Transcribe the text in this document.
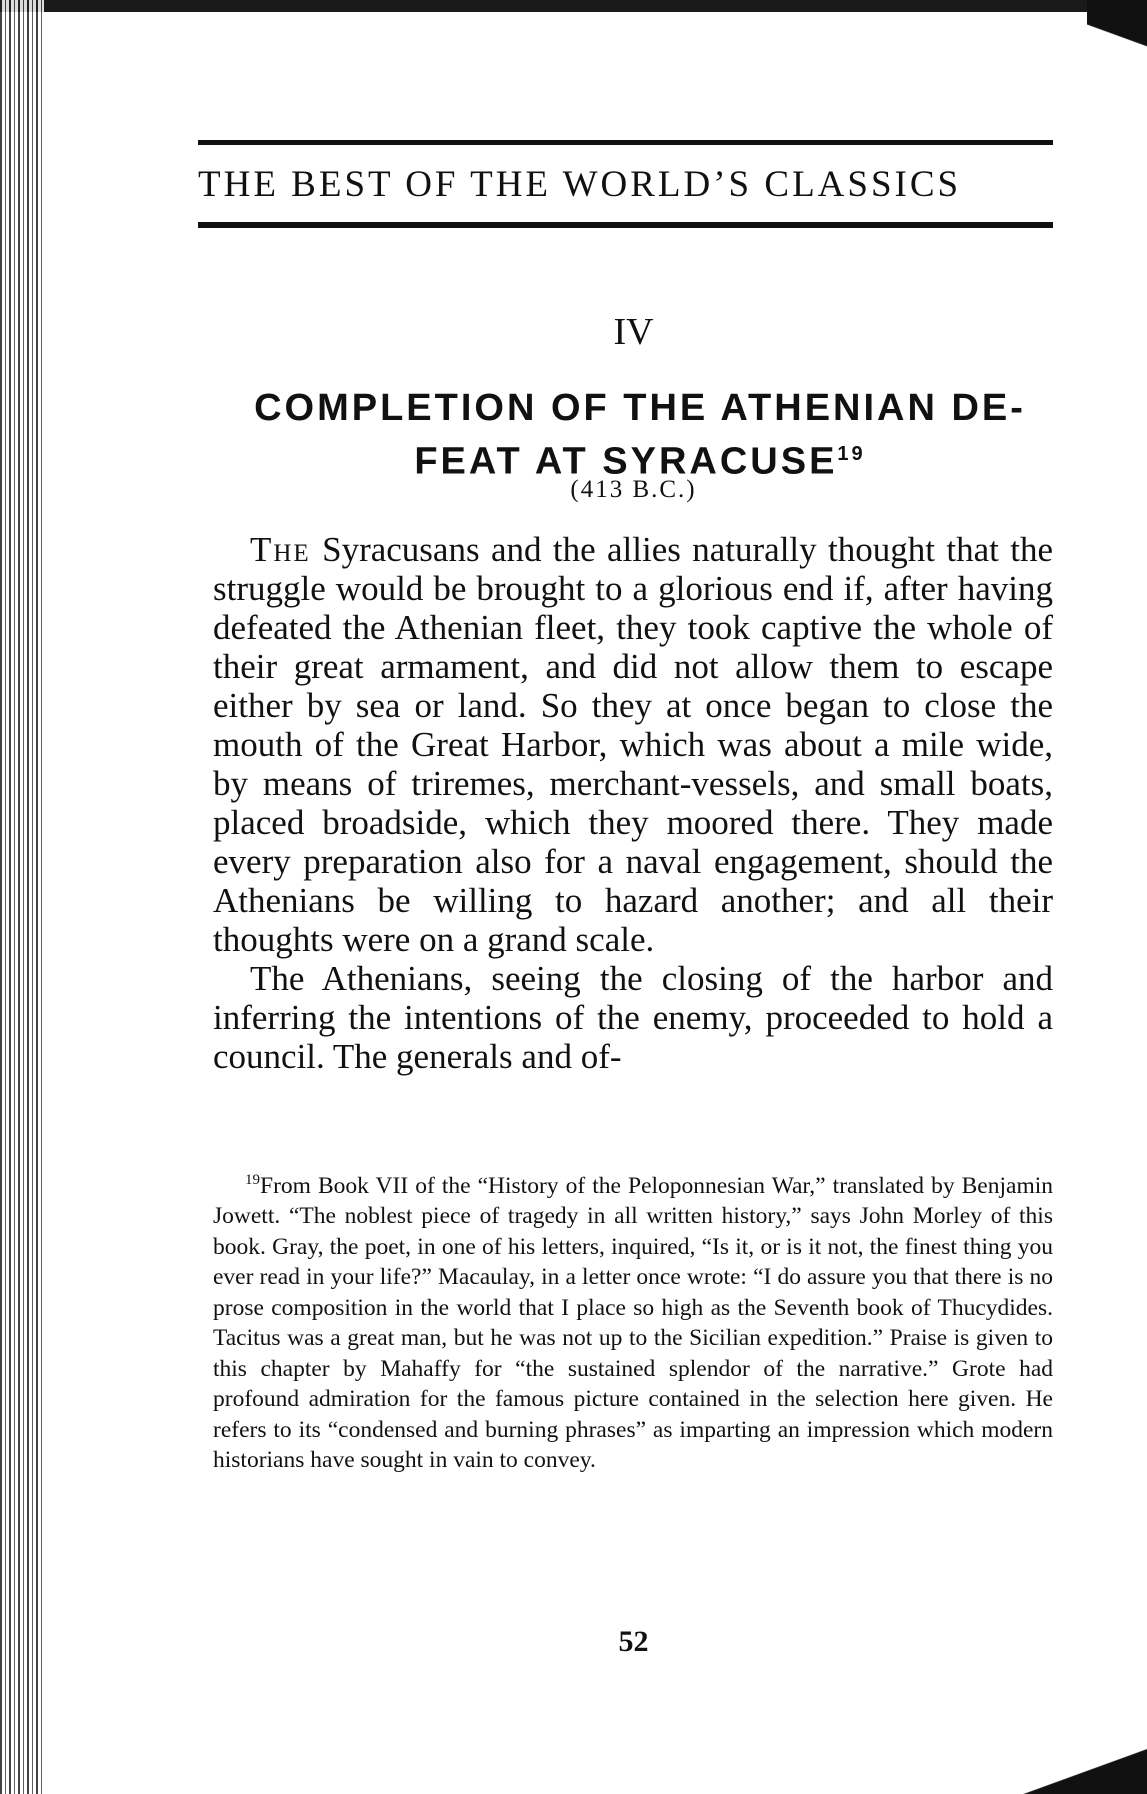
THE BEST OF THE WORLD’S CLASSICS
IV
COMPLETION OF THE ATHENIAN DE-FEAT AT SYRACUSE$^{19}$
(413 B.C.)

The Syracusans and the allies naturally thought that the struggle would be brought to a glorious end if, after having defeated the Athenian fleet, they took captive the whole of their great armament, and did not allow them to escape either by sea or land. So they at once began to close the mouth of the Great Harbor, which was about a mile wide, by means of triremes, merchant-vessels, and small boats, placed broadside, which they moored there. They made every preparation also for a naval engagement, should the Athenians be willing to hazard another; and all their thoughts were on a grand scale.

The Athenians, seeing the closing of the harbor and inferring the intentions of the enemy, proceeded to hold a council. The generals and of-

$^{19}$From Book VII of the “History of the Peloponnesian War,” translated by Benjamin Jowett. “The noblest piece of tragedy in all written history,” says John Morley of this book. Gray, the poet, in one of his letters, inquired, “Is it, or is it not, the finest thing you ever read in your life?” Macaulay, in a letter once wrote: “I do assure you that there is no prose composition in the world that I place so high as the Seventh book of Thucydides. Tacitus was a great man, but he was not up to the Sicilian expedition.” Praise is given to this chapter by Mahaffy for “the sustained splendor of the narrative.” Grote had profound admiration for the famous picture contained in the selection here given. He refers to its “condensed and burning phrases” as imparting an impression which modern historians have sought in vain to convey.
52
